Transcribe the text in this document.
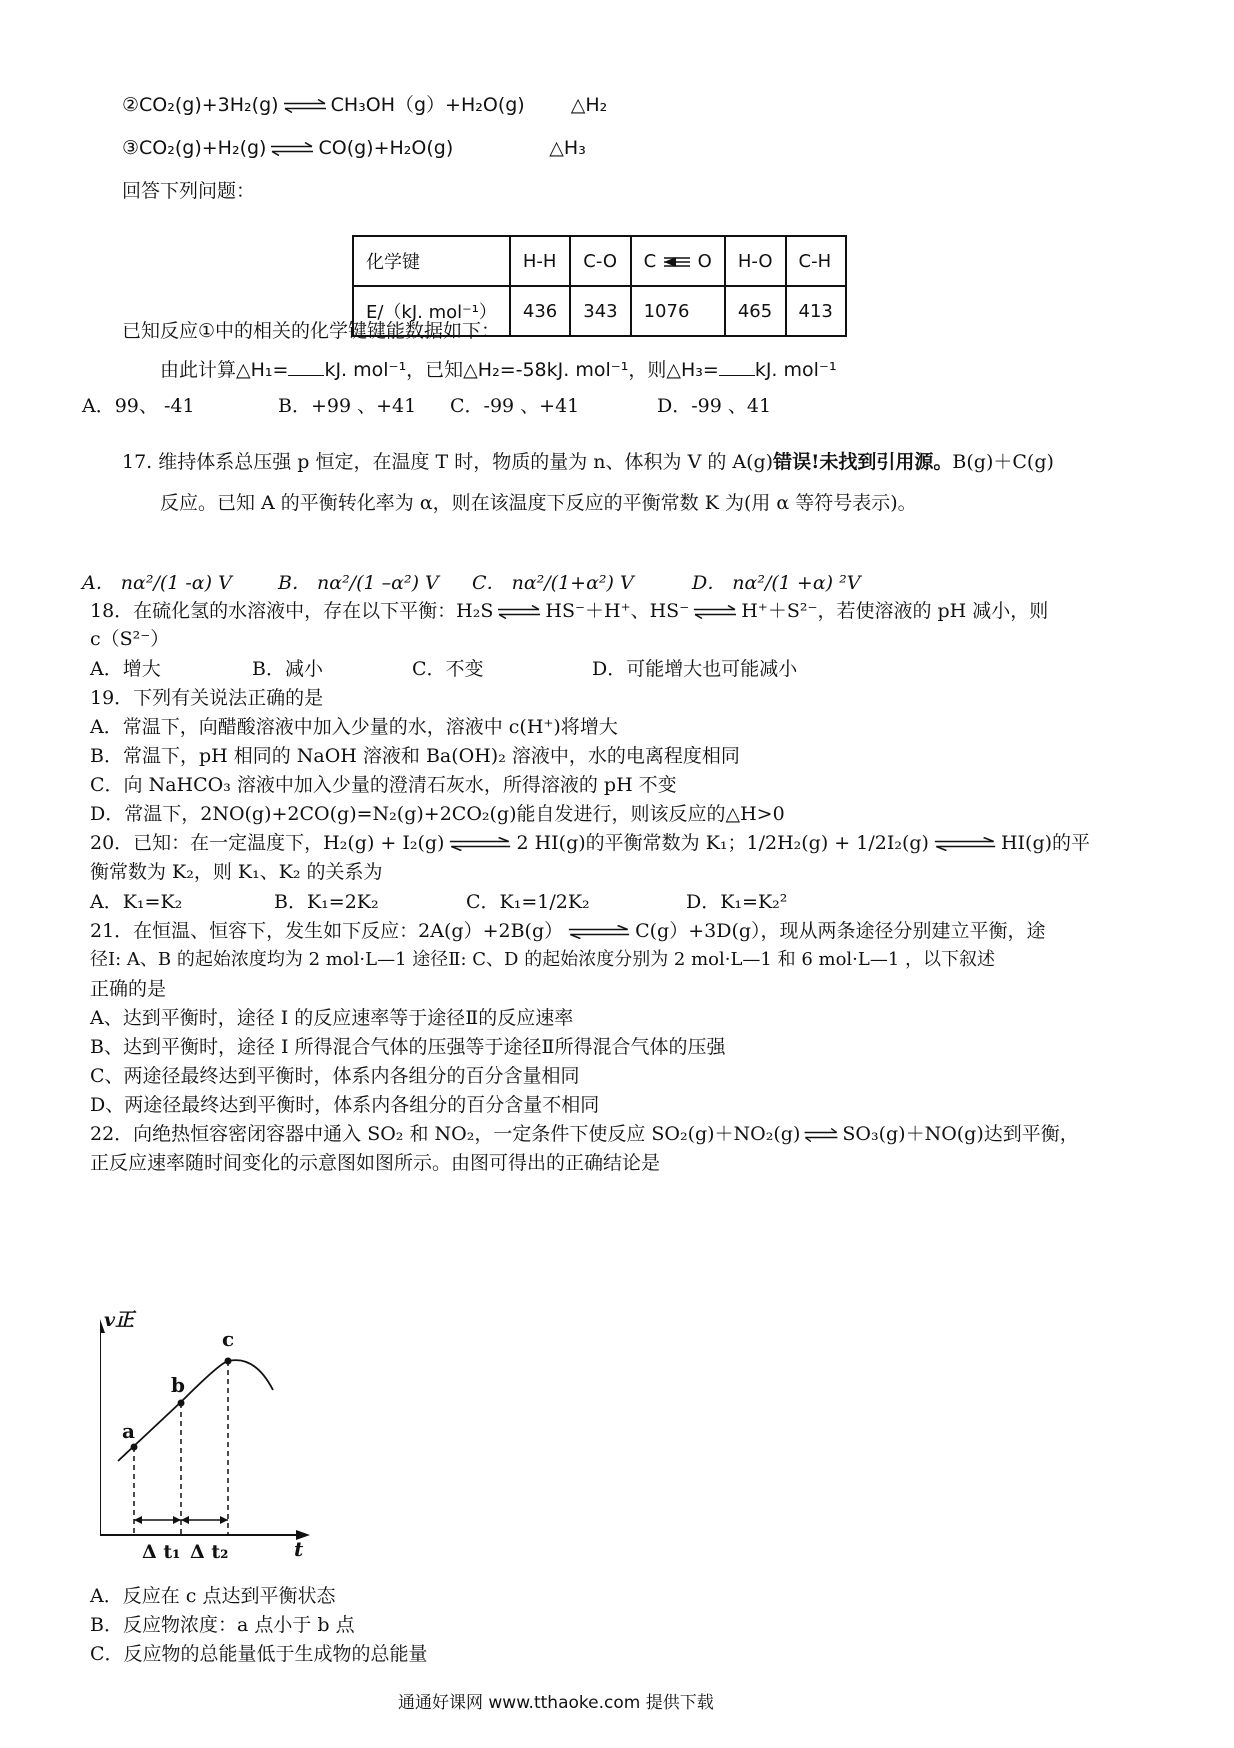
②CO₂(g)+3H₂(g)	CH₃OH（g）+H₂O(g) △H₂
③CO₂(g)+H₂(g)	CO(g)+H₂O(g)	△H₃
回答下列问题：
化学键	H-H	C-O	C O	H-O	C-H
E/（kJ. mol⁻¹）	436	343	1076	465	413
已知反应①中的相关的化学键键能数据如下：
由此计算△H₁= kJ. mol⁻¹，已知△H₂=-58kJ. mol⁻¹，则△H₃= kJ. mol⁻¹
A．99、 -41	B．+99 、+41 C．-99 、+41	D．-99 、41
17. 维持体系总压强 p 恒定，在温度 T 时，物质的量为 n、体积为 V 的 A(g)错误!未找到引用源。B(g)＋C(g)
反应。已知 A 的平衡转化率为 α，则在该温度下反应的平衡常数 K 为(用 α 等符号表示)。
A． nα²/(1 -α) V B． nα²/(1 –α²) V C． nα²/(1+α²) V	D． nα²/(1 +α) ²V
18．在硫化氢的水溶液中，存在以下平衡：H₂S	HS⁻＋H⁺、HS⁻	H⁺＋S²⁻，若使溶液的 pH 减小，则
c（S²⁻）
A．增大	B．减小	C．不变	D．可能增大也可能减小
19．下列有关说法正确的是
A．常温下，向醋酸溶液中加入少量的水，溶液中 c(H⁺)将增大
B．常温下，pH 相同的 NaOH 溶液和 Ba(OH)₂ 溶液中，水的电离程度相同
C．向 NaHCO₃ 溶液中加入少量的澄清石灰水，所得溶液的 pH 不变
D．常温下，2NO(g)+2CO(g)=N₂(g)+2CO₂(g)能自发进行，则该反应的△H>0
20．已知：在一定温度下，H₂(g) + I₂(g)	2 HI(g)的平衡常数为 K₁；1/2H₂(g) + 1/2I₂(g)	HI(g)的平
衡常数为 K₂，则 K₁、K₂ 的关系为
A．K₁=K₂	B．K₁=2K₂	C．K₁=1/2K₂	D．K₁=K₂²
21．在恒温、恒容下，发生如下反应：2A(g）+2B(g）	C(g）+3D(g），现从两条途径分别建立平衡，途
径Ⅰ: A、B 的起始浓度均为 2 mol·L—1 途径Ⅱ: C、D 的起始浓度分别为 2 mol·L—1 和 6 mol·L—1 ，以下叙述
正确的是
A、达到平衡时，途径 I 的反应速率等于途径Ⅱ的反应速率
B、达到平衡时，途径 I 所得混合气体的压强等于途径Ⅱ所得混合气体的压强
C、两途径最终达到平衡时，体系内各组分的百分含量相同
D、两途径最终达到平衡时，体系内各组分的百分含量不相同
22．向绝热恒容密闭容器中通入 SO₂ 和 NO₂，一定条件下使反应 SO₂(g)＋NO₂(g) SO₃(g)＋NO(g)达到平衡，
正反应速率随时间变化的示意图如图所示。由图可得出的正确结论是
v正
t
a
b
c
Δ t₁ Δ t₂
A．反应在 c 点达到平衡状态
B．反应物浓度：a 点小于 b 点
C．反应物的总能量低于生成物的总能量
通通好课网 www.tthaoke.com 提供下载
